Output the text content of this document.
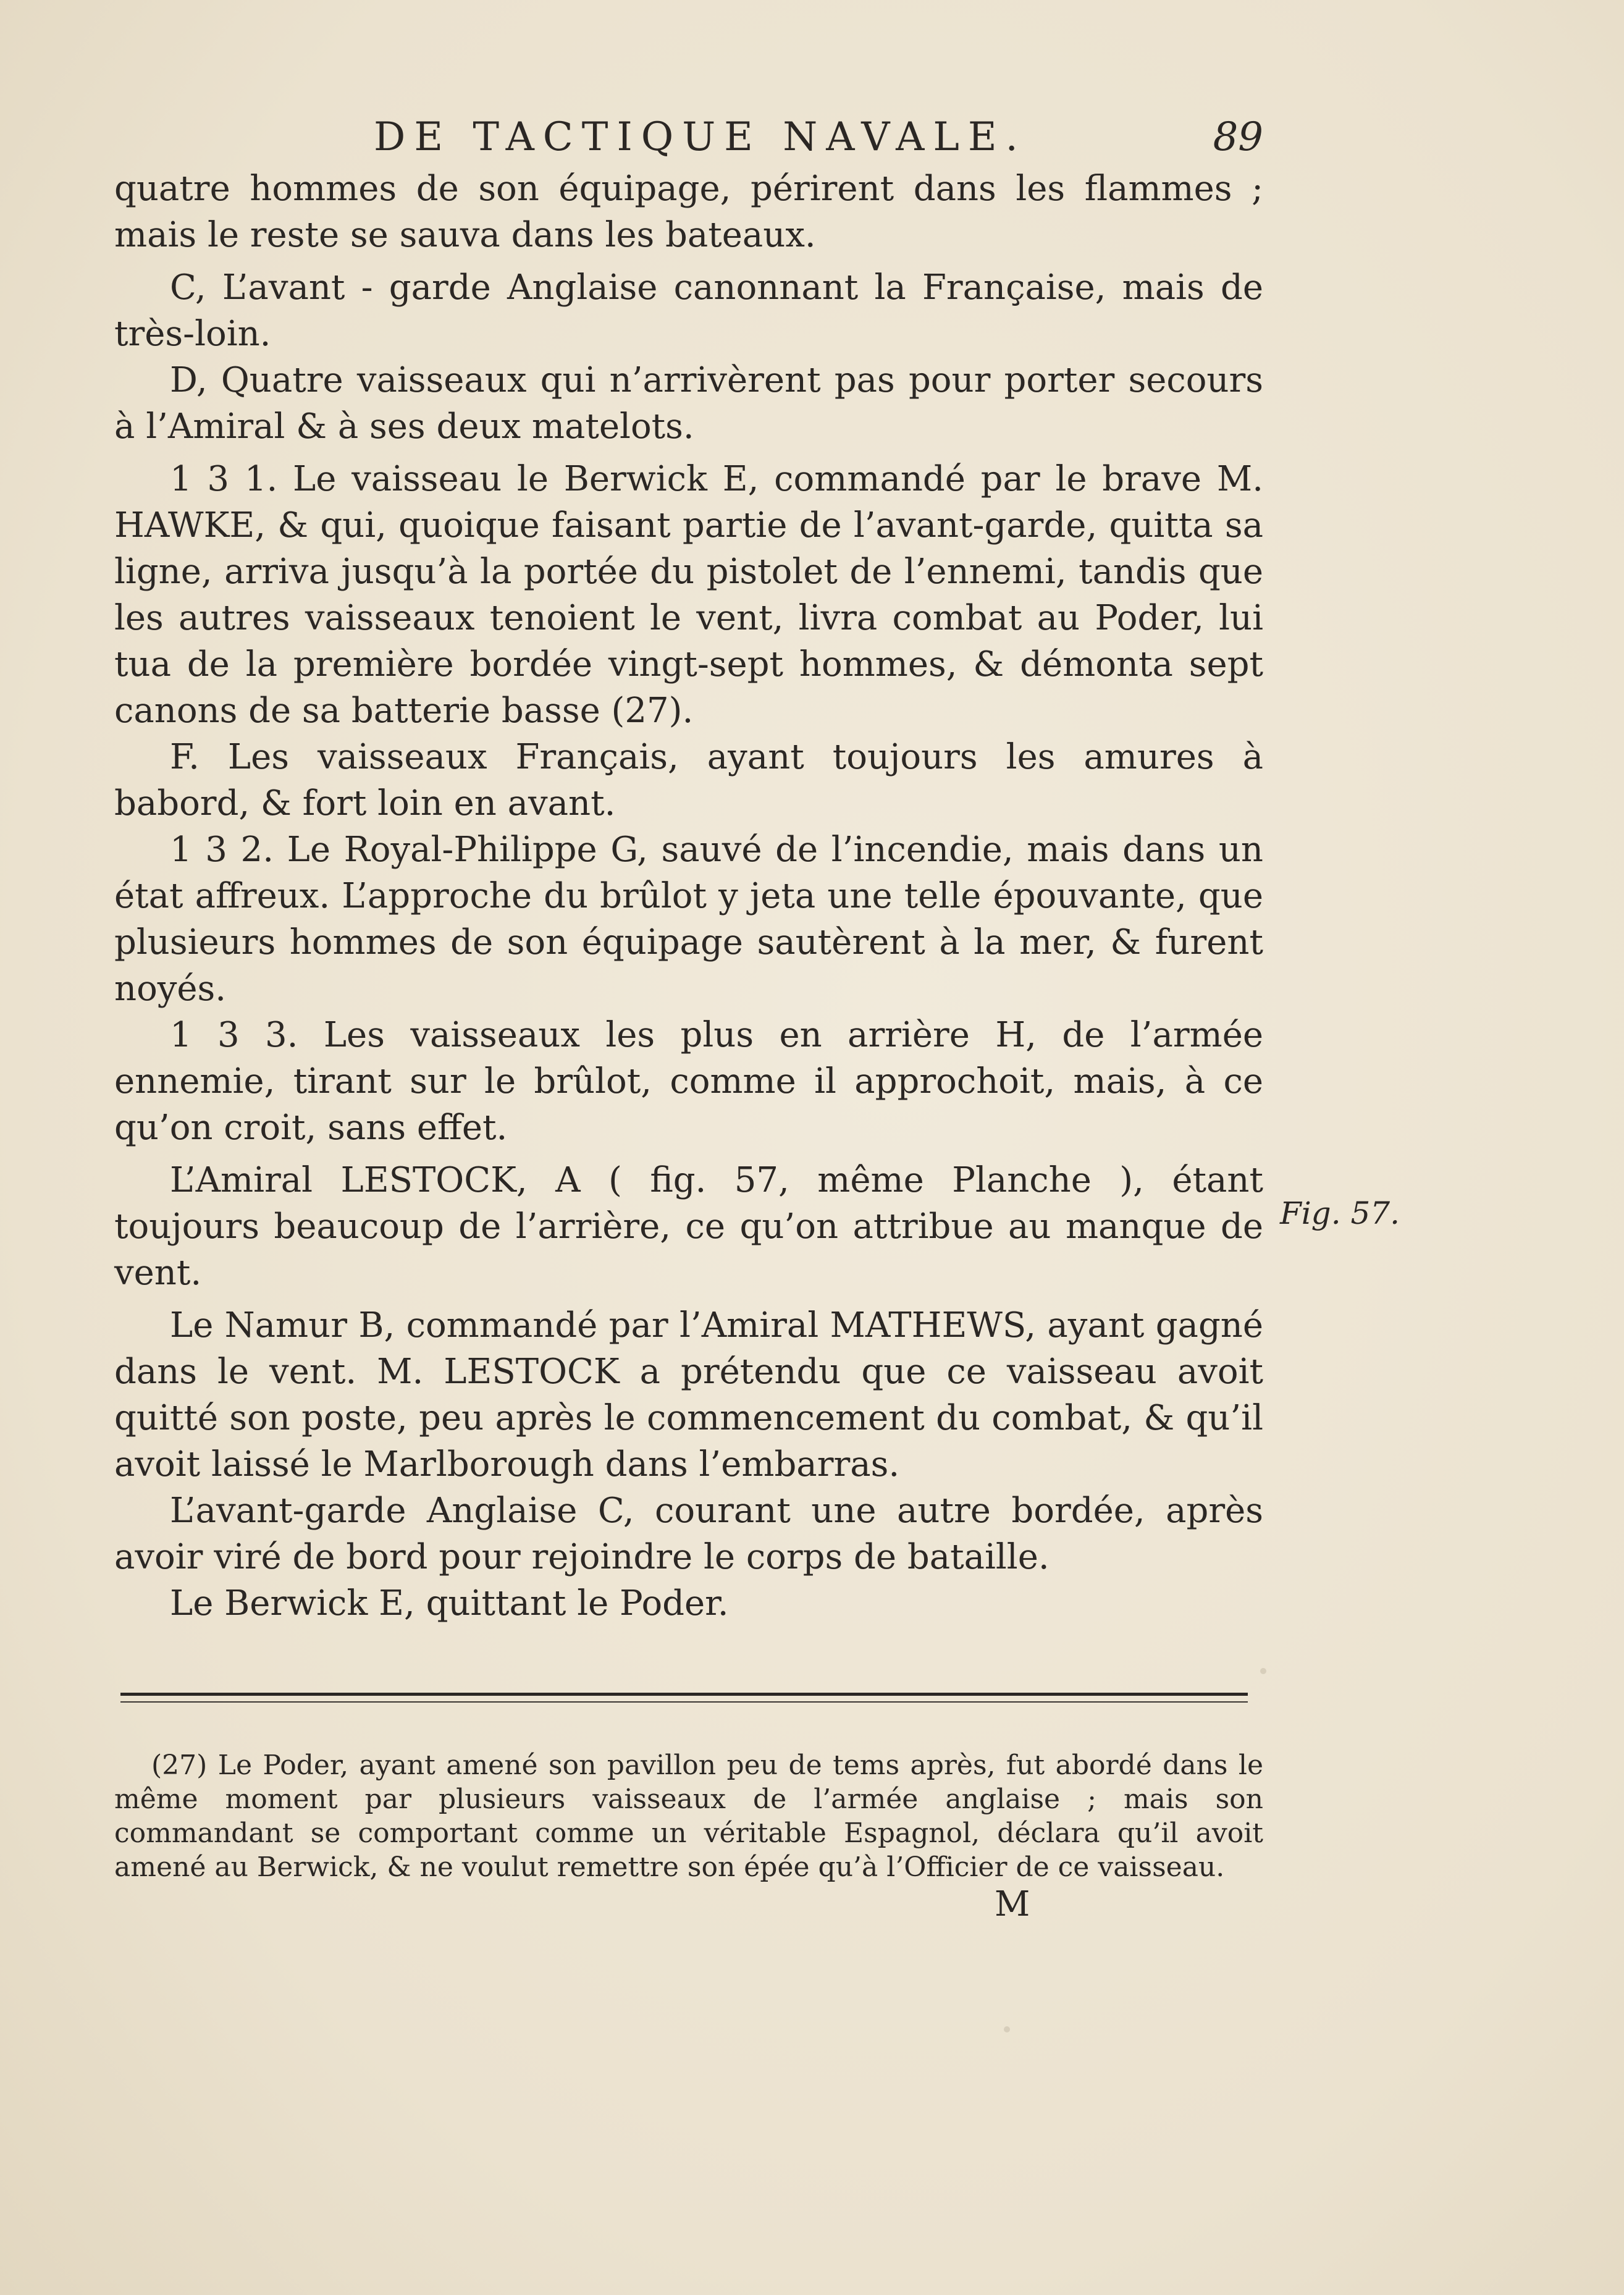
DE TACTIQUE NAVALE.	89

quatre hommes de son équipage, périrent dans les flammes ; mais le reste se sauva dans les bateaux.

C, L’avant - garde Anglaise canonnant la Française, mais de très-loin.

D, Quatre vaisseaux qui n’arrivèrent pas pour porter secours à l’Amiral & à ses deux matelots.

1 3 1. Le vaisseau le Berwick E, commandé par le brave M. HAWKE, & qui, quoique faisant partie de l’avant-garde, quitta sa ligne, arriva jusqu’à la portée du pistolet de l’ennemi, tandis que les autres vaisseaux tenoient le vent, livra combat au Poder, lui tua de la première bordée vingt-sept hommes, & démonta sept canons de sa batterie basse (27).

F. Les vaisseaux Français, ayant toujours les amures à babord, & fort loin en avant.

1 3 2. Le Royal-Philippe G, sauvé de l’incendie, mais dans un état affreux. L’approche du brûlot y jeta une telle épouvante, que plusieurs hommes de son équipage sautèrent à la mer, & furent noyés.

1 3 3. Les vaisseaux les plus en arrière H, de l’armée ennemie, tirant sur le brûlot, comme il approchoit, mais, à ce qu’on croit, sans effet.

L’Amiral LESTOCK, A ( fig. 57, même Planche ), étant toujours beaucoup de l’arrière, ce qu’on attribue au manque de vent.

Le Namur B, commandé par l’Amiral MATHEWS, ayant gagné dans le vent. M. LESTOCK a prétendu que ce vaisseau avoit quitté son poste, peu après le commencement du combat, & qu’il avoit laissé le Marlborough dans l’embarras.

L’avant-garde Anglaise C, courant une autre bordée, après avoir viré de bord pour rejoindre le corps de bataille.

Le Berwick E, quittant le Poder.

Fig. 57.

(27) Le Poder, ayant amené son pavillon peu de tems après, fut abordé dans le même moment par plusieurs vaisseaux de l’armée anglaise ; mais son commandant se comportant comme un véritable Espagnol, déclara qu’il avoit amené au Berwick, & ne voulut remettre son épée qu’à l’Officier de ce vaisseau.

M
